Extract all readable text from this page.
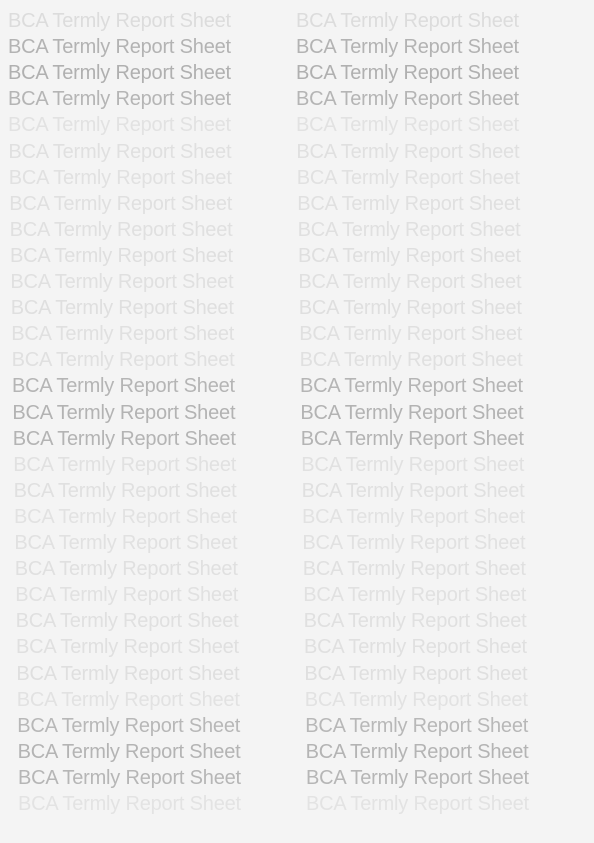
BCA Termly Report Sheet	BCA Termly Report Sheet
BCA Termly Report Sheet	BCA Termly Report Sheet
BCA Termly Report Sheet	BCA Termly Report Sheet
BCA Termly Report Sheet	BCA Termly Report Sheet
BCA Termly Report Sheet	BCA Termly Report Sheet
BCA Termly Report Sheet	BCA Termly Report Sheet
BCA Termly Report Sheet	BCA Termly Report Sheet
BCA Termly Report Sheet	BCA Termly Report Sheet
BCA Termly Report Sheet	BCA Termly Report Sheet
BCA Termly Report Sheet	BCA Termly Report Sheet
BCA Termly Report Sheet	BCA Termly Report Sheet
BCA Termly Report Sheet	BCA Termly Report Sheet
BCA Termly Report Sheet	BCA Termly Report Sheet
BCA Termly Report Sheet	BCA Termly Report Sheet
BCA Termly Report Sheet	BCA Termly Report Sheet
BCA Termly Report Sheet	BCA Termly Report Sheet
BCA Termly Report Sheet	BCA Termly Report Sheet
BCA Termly Report Sheet	BCA Termly Report Sheet
BCA Termly Report Sheet	BCA Termly Report Sheet
BCA Termly Report Sheet	BCA Termly Report Sheet
BCA Termly Report Sheet	BCA Termly Report Sheet
BCA Termly Report Sheet	BCA Termly Report Sheet
BCA Termly Report Sheet	BCA Termly Report Sheet
BCA Termly Report Sheet	BCA Termly Report Sheet
BCA Termly Report Sheet	BCA Termly Report Sheet
BCA Termly Report Sheet	BCA Termly Report Sheet
BCA Termly Report Sheet	BCA Termly Report Sheet
BCA Termly Report Sheet	BCA Termly Report Sheet
BCA Termly Report Sheet	BCA Termly Report Sheet
BCA Termly Report Sheet	BCA Termly Report Sheet
BCA Termly Report Sheet	BCA Termly Report Sheet
